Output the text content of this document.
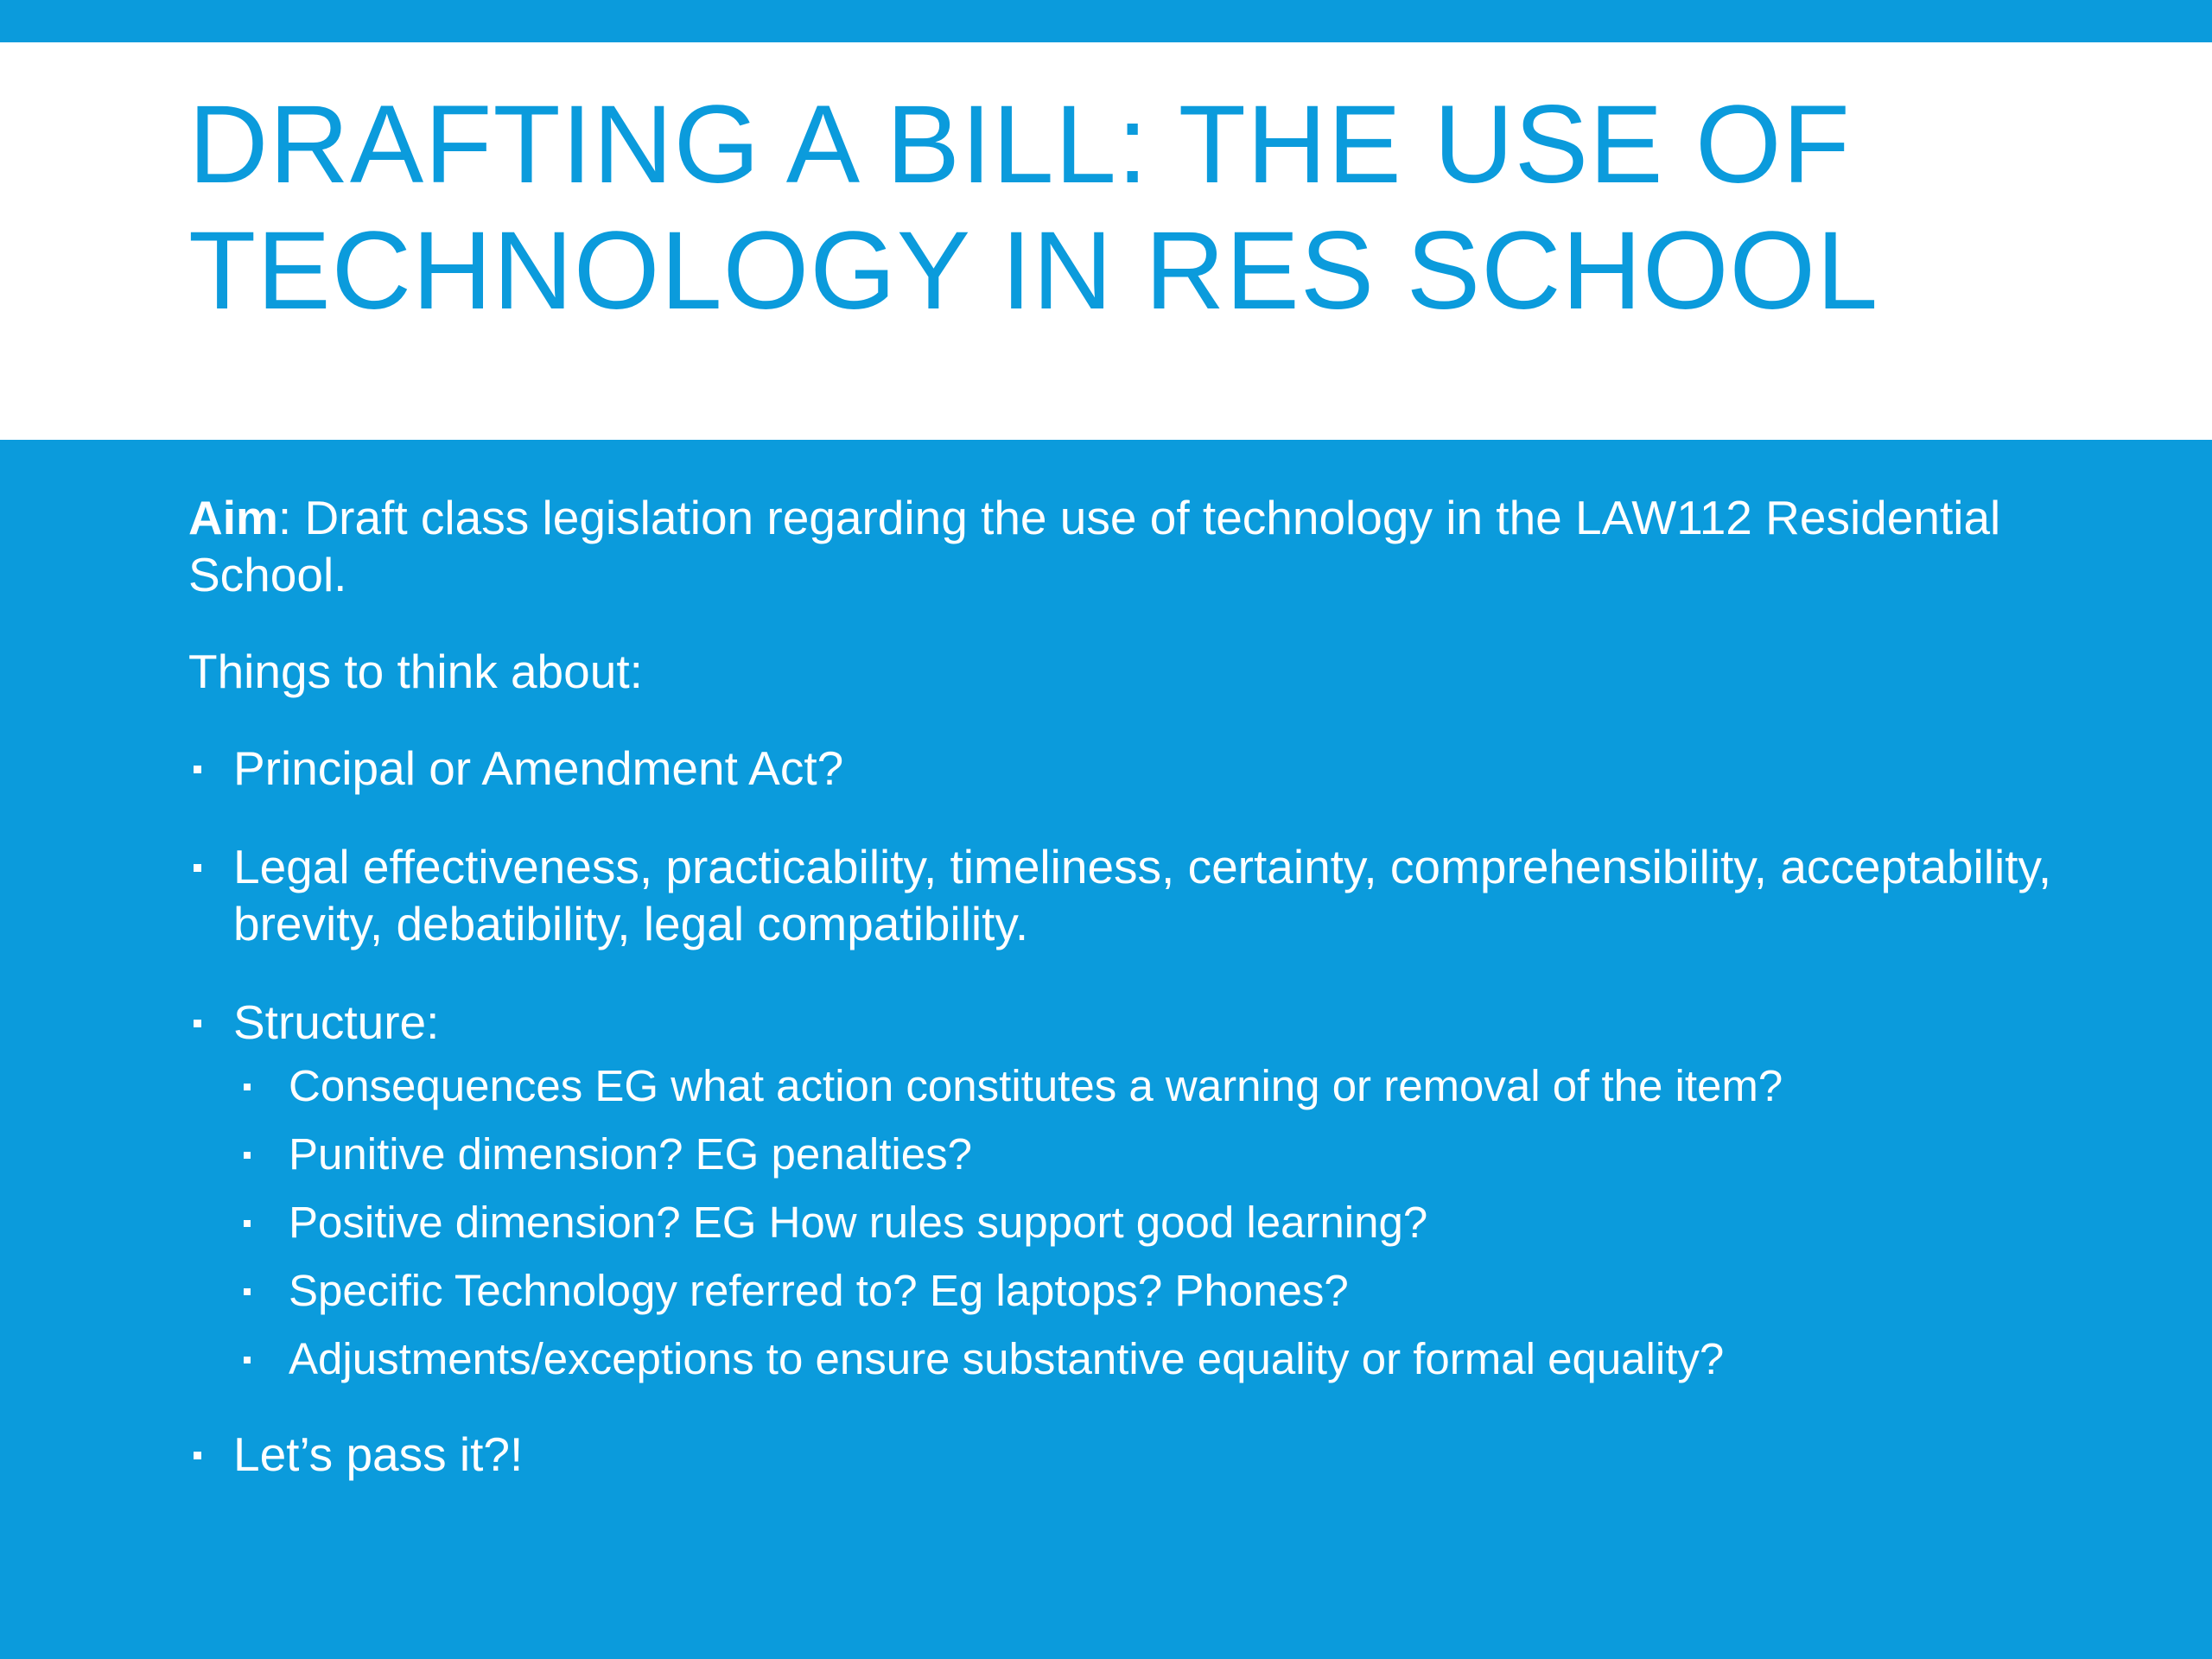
DRAFTING A BILL: THE USE OF
TECHNOLOGY IN RES SCHOOL

Aim: Draft class legislation regarding the use of technology in the LAW112 Residential School.

Things to think about:

Principal or Amendment Act?
Legal effectiveness, practicability, timeliness, certainty, comprehensibility, acceptability, brevity, debatibility, legal compatibility.
Structure:
Consequences EG what action constitutes a warning or removal of the item?
Punitive dimension? EG penalties?
Positive dimension? EG How rules support good learning?
Specific Technology referred to? Eg laptops? Phones?
Adjustments/exceptions to ensure substantive equality or formal equality?
Let’s pass it?!
